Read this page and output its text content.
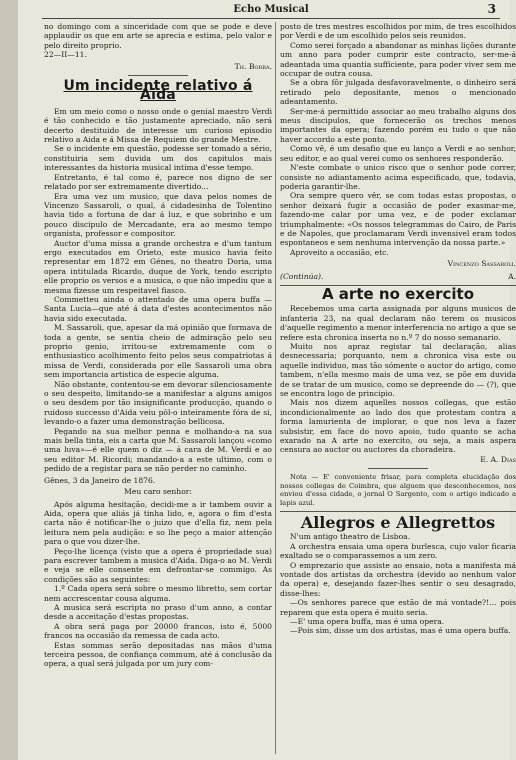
Echo Musical	3

no domingo com a sinceridade com que se pode e deve applaudir os que em arte se aprecia e estima, pelo valor e pelo direito proprio.

22—II—11.

Th. Borba.
Um incidente relativo á Aida

Em um meio como o nosso onde o genial maestro Verdi é tão conhecido e tão justamente apreciado, não será decerto destituido de interesse um curioso episodio relativo a Aida e á Missa de Requiem do grande Mestre.

Se o incidente em questão, podesse ser tomado a sério, constituiria sem duvida um dos capitulos mais interessantes da historia musical intima d'esse tempo.

Entretanto, é tal como é, parece nos digno de ser relatado por ser extremamente divertido...

Era uma vez um musico, que dava pelos nomes de Vincenzo Sassaroli, o qual, á cidadesinha de Tolentino havia tido a fortuna de dar á luz, e que sobrinho e um pouco discipulo de Mercadante, era ao mesmo tempo organista, professor e compositor.

Auctor d'uma missa a grande orchestra e d'um tantum ergo executados em Orieto, este musico havia feito representar em 1872 em Génes, no theatro Doria, uma opera intitulada Ricardo, duque de York, tendo escripto elle proprio os versos e a musica, o que não impediu que a mesma fizesse um respeitavel fiasco.

Commetteu ainda o attentado de uma opera buffa —Santa Lucia—que até á data d'estes acontecimentos não havia sido executada.

M. Sassaroli, que, apesar da má opinião que formava de toda a gente, se sentia cheio de admiração pelo seu proprio genio, irritou-se extremamente com o enthusiastico acolhimento feito pelos seus compatriotas á missa de Verdi, considerada por elle Sassaroli uma obra sem importancia artistica de especie alguma.

Não obstante, contentou-se em devorar silenciosamente o seu despeito, limitando-se a manifestar a alguns amigos o seu desdem por tão insignificante producção, quando o ruidoso successo d'Aida veiu pôl-o inteiramente fóra de si, levando-o a fazer uma demonstração bellicosa.

Pegando na sua melhor penna e molhando-a na sua mais bella tinta, eis a carta que M. Sassaroli lançou «como uma luva»—é elle quem o diz — á cara de M. Verdi e ao seu editor M. Ricordi; mandando-a a este ultimo, com o pedido de a registar para se não perder no caminho.

Gênes, 3 da Janeiro de 1876.

Meu caro senhor:

Após alguma hesitação, decidi-me a ir tambem ouvir a Aida, opera que aliás já tinha lido, e, agora o fim d'esta carta não é notificar-lhe o juizo que d'ella fiz, nem pela leitura nem pela audição: e so lhe peço a maior attenção para o que vou dizer-lhe.

Peço-lhe licença (visto que a opera é propriedade sua) para escrever tambem a musica d'Aida. Diga-o ao M. Verdi e veja se elle consente em defrontar-se commigo. As condições são as seguintes:

1.º Cada opera será sobre o mesmo libretto, sem cortar nem accrescentar cousa alguma.

A musica será escripta no praso d'um anno, a contar desde a acceitação d'estas propostas.

A obra será paga por 20000 francos, isto é, 5000 francos na occasião da remessa de cada acto.

Estas sommas serão depositadas nas mãos d'uma terceira pessoa, de confiança commum, até á conclusão da opera, a qual será julgada por um jury com-

posto de tres mestres escolhidos por mim, de tres escolhidos por Verdi e de um escolhido pelos seis reunidos.

Como serei forçado a abandonar as minhas lições durante um anno para poder cumprir este contracto, ser-me-á adeantada uma quantia sufficiente, para poder viver sem me occupar de outra cousa.

Se a obra fôr julgada desfavoravelmente, o dinheiro será retirado pelo depositante, menos o mencionado adeantamento.

Ser-me-á permittido associar ao meu trabalho alguns dos meus discipulos, que fornecerão os trechos menos importantes da opera; fazendo porém eu tudo o que não haver accordo a este ponto.

Como vê, é um desafio que eu lanço a Verdi e ao senhor, seu editor, e ao qual verei como os senhores responderão.

N'este combate o unico risco que o senhor pode correr, consiste no adiantamento acima especificado, que, todavia, poderia garantir-lhe.

Ora sempre quero vêr, se com todas estas propostas, o senhor deixará fugir a occasião de poder exasmar-me, fazendo-me calar por uma vez, e de poder exclamar triumphalmente: «Os nossos telegrammas do Cairo, de Paris e de Napoles, que proclamaram Verdi invensivel eram todos espontaneos e sem nenhuma intervenção da nossa parte.»

Aproveito a occasião, etc.

Vincenzo Sassaroli.
(Continúa).	A.
A arte no exercito

Recebemos uma carta assignada por alguns musicos de infanteria 23, na qual declaram não terem os musicos d'aquelle regimento a menor interferencia no artigo a que se refere esta chronica inserta no n.º 7 do nosso semanario.

Muito nos apraz registar tal declaração, alias desnecessaria; porquanto, nem a chronica visa este ou aquelle individuo, mas tão sómente o auctor do artigo, como tambem, n'ella mesmo mais de uma vez, se põe em duvida de se tratar de um musico, como se depreende do — (?), que se encontra logo de principio.

Mais nos dizem aquelles nossos collegas, que estão incondicionalmente ao lado dos que protestam contra a forma lamurienta de implorar, o que nos leva a fazer subsistir, em face do novo apoio, tudo quanto se acha exarado na A arte no exercito, ou seja, a mais aspera censura ao auctor ou auctores da choradeira.

E. A. Dias

Nota — E' conveniente frisar, para completa elucidação dos nossos collegas de Coimbra, que alguem que desconhecemos, nos enviou d'essa cidade, o jornal O Sargento, com o artigo indicado a lapis azul.

Allegros e Allegrettos

N'um antigo theatro de Lisboa.

A orchestra ensaia uma opera burlesca, cujo valor ficaria exaltado se o comparassemos a um zero.

O emprezario que assiste ao ensaio, nota a manifesta má vontade dos artistas da orchestra (devido ao nenhum valor da opera) e, desejando fazer-lhes sentir o seu desagrado, disse-lhes:

—Os senhores parece que estão de má vontade?!... pois reparem que esta opera é muito seria.

—E' uma opera buffa, mas é uma opera.

—Pois sim, disse um dos artistas, mas é uma opera buffa.
